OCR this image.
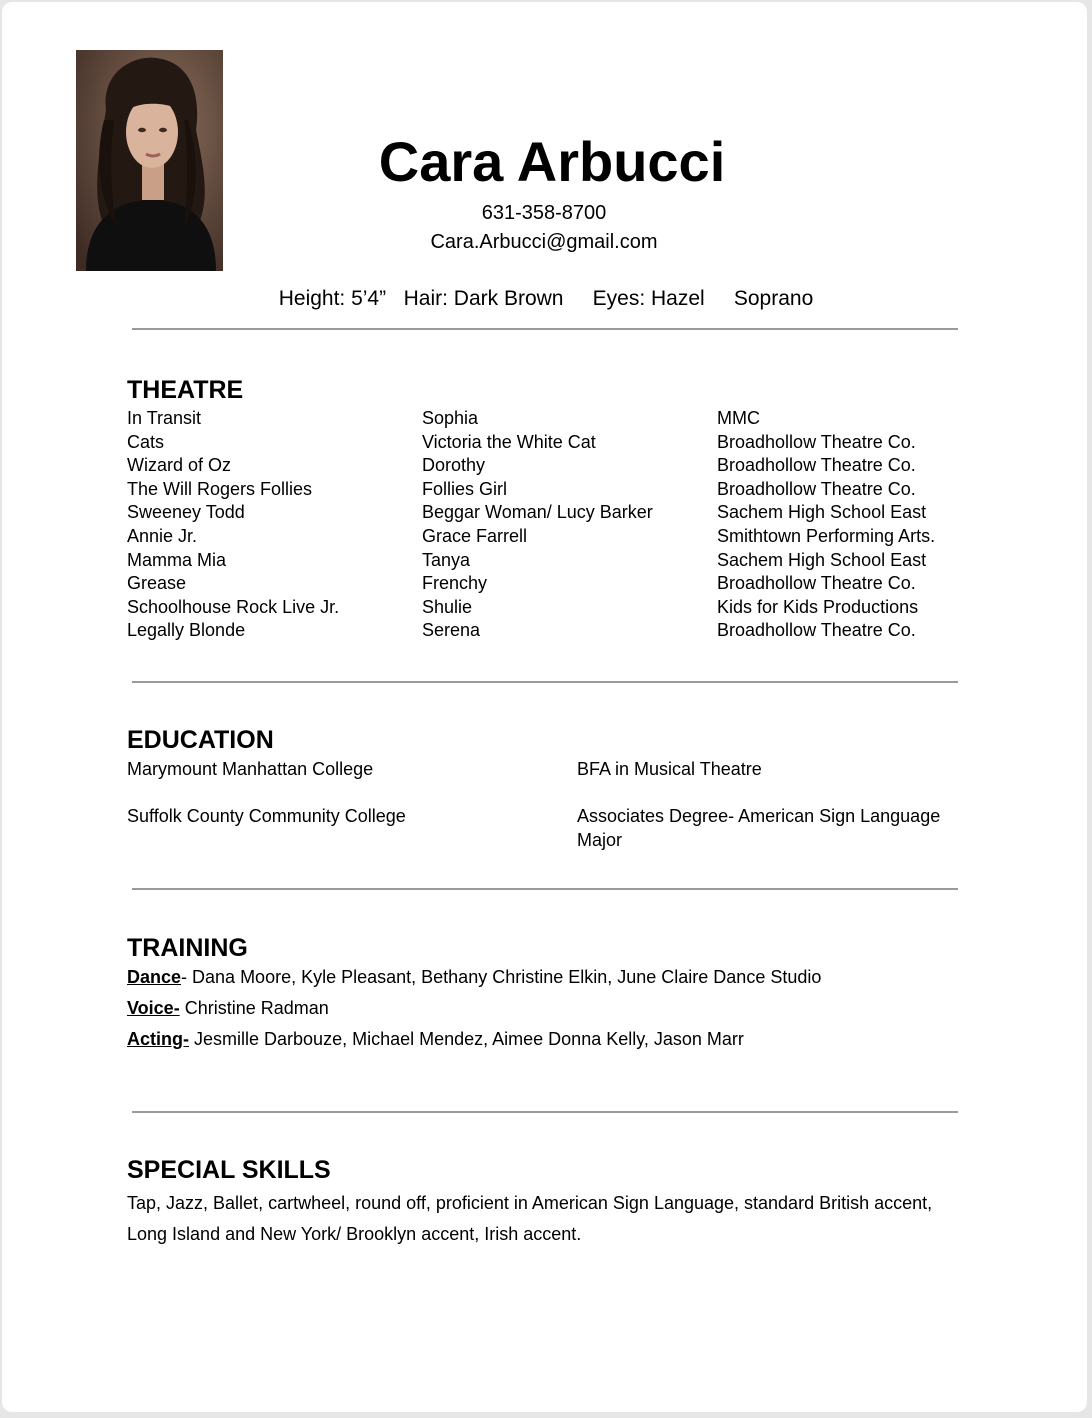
Cara Arbucci
631-358-8700
Cara.Arbucci@gmail.com
Height: 5’4”   Hair: Dark Brown     Eyes: Hazel     Soprano
THEATRE
In Transit	Sophia	MMC
Cats	Victoria the White Cat	Broadhollow Theatre Co.
Wizard of Oz	Dorothy	Broadhollow Theatre Co.
The Will Rogers Follies	Follies Girl	Broadhollow Theatre Co.
Sweeney Todd	Beggar Woman/ Lucy Barker	Sachem High School East
Annie Jr.	Grace Farrell	Smithtown Performing Arts.
Mamma Mia	Tanya	Sachem High School East
Grease	Frenchy	Broadhollow Theatre Co.
Schoolhouse Rock Live Jr.	Shulie	Kids for Kids Productions
Legally Blonde	Serena	Broadhollow Theatre Co.
EDUCATION
Marymount Manhattan College	BFA in Musical Theatre
Suffolk County Community College	Associates Degree- American Sign Language Major
TRAINING
Dance- Dana Moore, Kyle Pleasant, Bethany Christine Elkin, June Claire Dance Studio
Voice- Christine Radman
Acting- Jesmille Darbouze, Michael Mendez, Aimee Donna Kelly, Jason Marr
SPECIAL SKILLS
Tap, Jazz, Ballet, cartwheel, round off, proficient in American Sign Language, standard British accent, Long Island and New York/ Brooklyn accent, Irish accent.
